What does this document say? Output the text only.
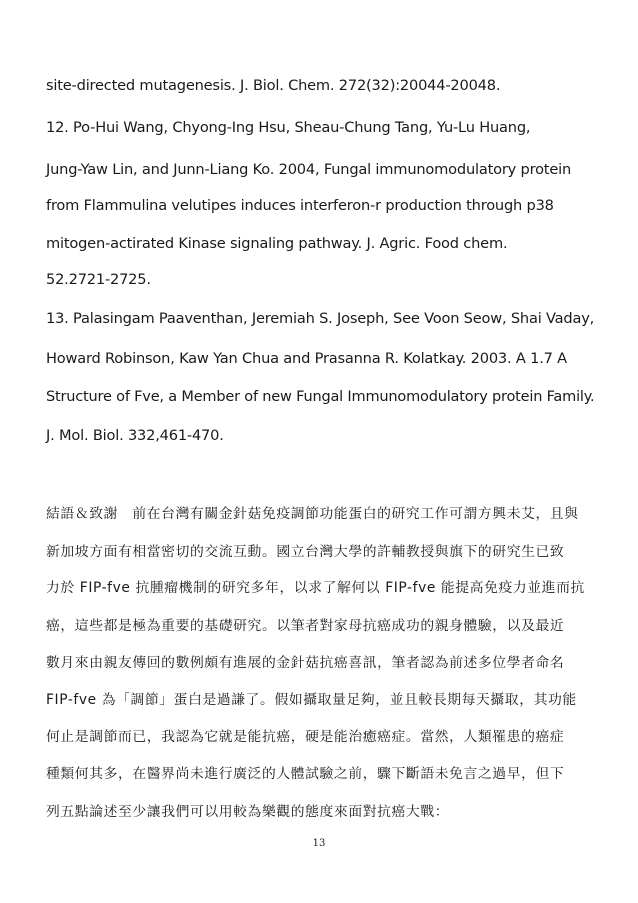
site-directed mutagenesis. J. Biol. Chem. 272(32):20044-20048.
12. Po-Hui Wang, Chyong-Ing Hsu, Sheau-Chung Tang, Yu-Lu Huang,
Jung-Yaw Lin, and Junn-Liang Ko. 2004, Fungal immunomodulatory protein
from Flammulina velutipes induces interferon-r production through p38
mitogen-actirated Kinase signaling pathway. J. Agric. Food chem.
52.2721-2725.
13. Palasingam Paaventhan, Jeremiah S. Joseph, See Voon Seow, Shai Vaday,
Howard Robinson, Kaw Yan Chua and Prasanna R. Kolatkay. 2003. A 1.7 A
Structure of Fve, a Member of new Fungal Immunomodulatory protein Family.
J. Mol. Biol. 332,461-470.
結語＆致謝　前在台灣有關金針菇免疫調節功能蛋白的研究工作可謂方興未艾，且與
新加坡方面有相當密切的交流互動。國立台灣大學的許輔教授與旗下的研究生已致
力於 FIP-fve 抗腫瘤機制的研究多年，以求了解何以 FIP-fve 能提高免疫力並進而抗
癌，這些都是極為重要的基礎研究。以筆者對家母抗癌成功的親身體驗，以及最近
數月來由親友傳回的數例頗有進展的金針菇抗癌喜訊，筆者認為前述多位學者命名
FIP-fve 為「調節」蛋白是過謙了。假如攝取量足夠，並且較長期每天攝取，其功能
何止是調節而已，我認為它就是能抗癌，硬是能治癒癌症。當然，人類罹患的癌症
種類何其多，在醫界尚未進行廣泛的人體試驗之前，驟下斷語未免言之過早，但下
列五點論述至少讓我們可以用較為樂觀的態度來面對抗癌大戰：
13
